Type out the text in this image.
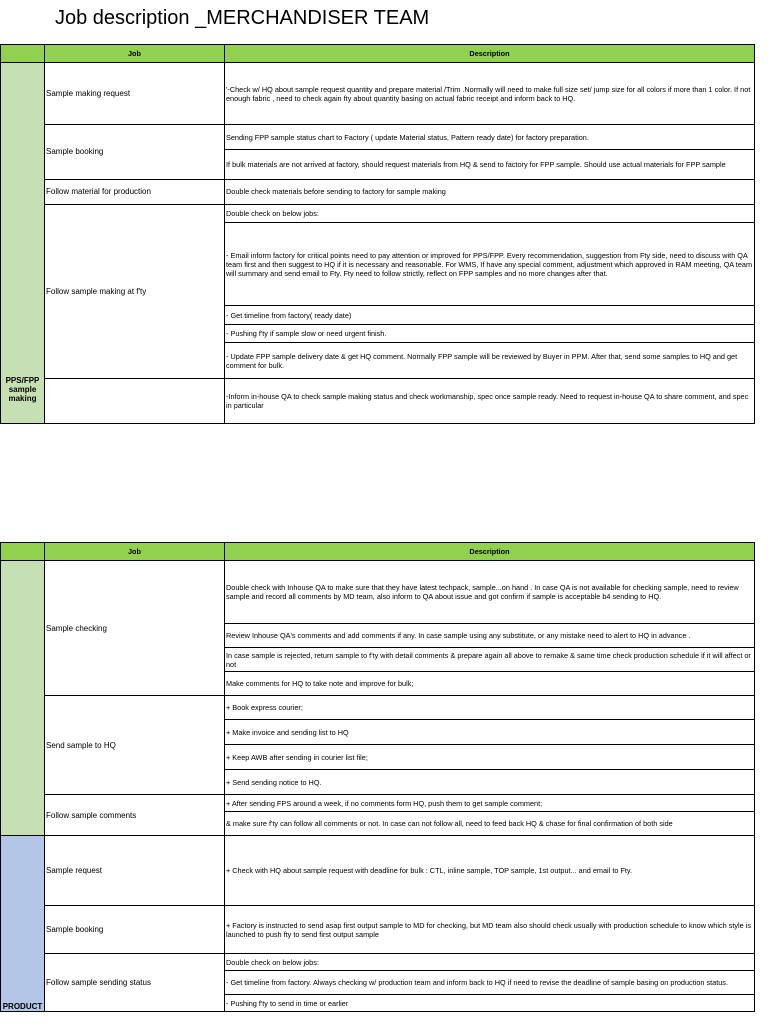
Job description _MERCHANDISER TEAM
	Job	Description
PPS/FPP sample making	Sample making request	'-Check w/ HQ about sample request quantity and prepare material /Trim .Normally will need to make full size set/ jump size for all colors if more than 1 color. If not enough fabric , need to check again fty about quantity basing on actual fabric receipt and inform back to HQ.
	Sample booking	Sending FPP sample status chart to Factory ( update Material status, Pattern ready date) for factory preparation.
		If bulk materials are not arrived at factory, should request materials from HQ & send to factory for FPP sample. Should use actual materials for FPP sample
	Follow material for production	Double check materials before sending to factory for sample making
	Follow sample making at f'ty	Double check on below jobs:
		- Email inform factory for critical points need to pay attention or improved for PPS/FPP. Every recommendation, suggestion from Fty side, need to discuss with QA team first and then suggest to HQ if it is necessary and reasonable. For WMS, If have any special comment, adjustment which approved in RAM meeting, QA team will summary and send email to Fty. Fty need to follow strictly, reflect on FPP samples and no more changes after that.
		- Get timeline from factory( ready date)
		- Pushing f'ty if sample slow or need urgent finish.
		- Update FPP sample delivery date & get HQ comment. Normally FPP sample will be reviewed by Buyer in PPM. After that, send some samples to HQ and get comment for bulk.
		-Inform in-house QA to check sample making status and check workmanship, spec once sample ready. Need to request in-house QA to share comment, and spec in particular
	Job	Description
	Sample checking	Double check with Inhouse QA to make sure that they have latest techpack, sample...on hand . In case QA is not available for checking sample, need to review sample and record all comments by MD team, also inform to QA about issue and got confirm if sample is acceptable b4 sending to HQ.
		Review Inhouse QA's comments and add comments if any. In case sample using any substitute, or any mistake need to alert to HQ in advance .
		In case sample is rejected, return sample to f'ty with detail comments & prepare again all above to remake & same time check production schedule if it will affect or not
		Make comments for HQ to take note and improve for bulk;
	Send sample to HQ	+ Book express courier;
		+ Make invoice and sending list to HQ
		+ Keep AWB after sending in courier list file;
		+ Send sending notice to HQ.
	Follow sample comments	+ After sending FPS around a week, if no comments form HQ, push them to get sample comment;
		& make sure f'ty can follow all comments or not. In case can not follow all, need to feed back HQ & chase for final confirmation of both side
PRODUCT	Sample request	+ Check with HQ about sample request with deadline for bulk : CTL, inline sample, TOP sample, 1st output... and email to Fty.
	Sample booking	+ Factory is instructed to send asap first output sample to MD for checking, but MD team also should check usually with production schedule to know which style is launched to push fty to send first output sample
	Follow sample sending status	Double check on below jobs:
		- Get timeline from factory. Always checking w/ production team and inform back to HQ if need to revise the deadline of sample basing on production status.
		- Pushing f'ty to send in time or earlier
